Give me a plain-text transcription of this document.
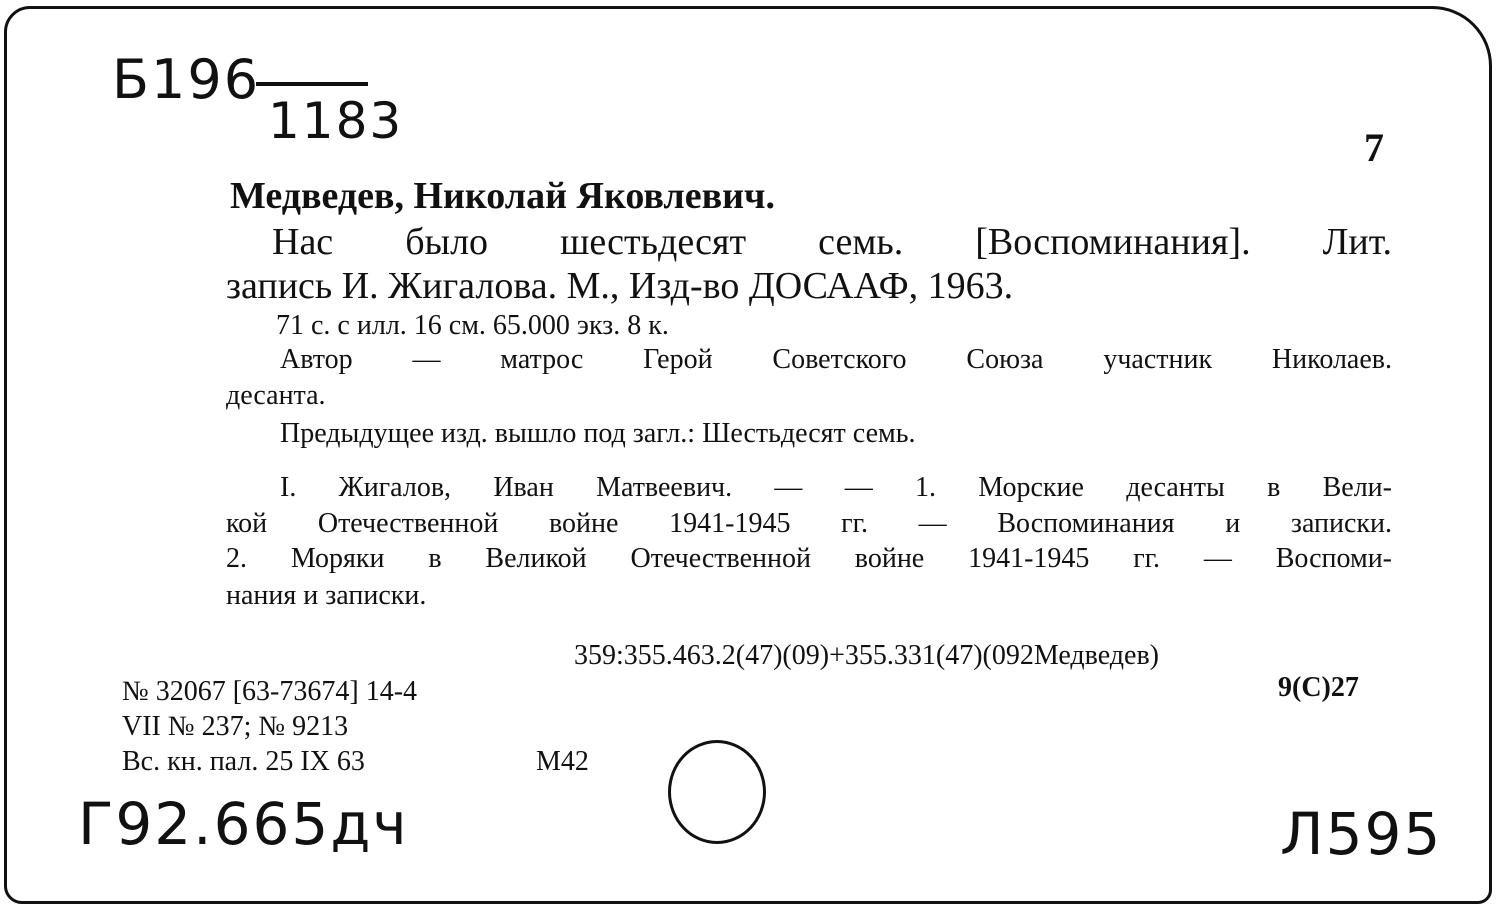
Б196
1183	7
Медведев, Николай Яковлевич.
Нас было шестьдесят семь. [Воспоминания]. Лит.
запись И. Жигалова. М., Изд-во ДОСААФ, 1963.
71 с. с илл. 16 см. 65.000 экз. 8 к.
Автор — матрос Герой Советского Союза участник Николаев.
десанта.
Предыдущее изд. вышло под загл.: Шестьдесят семь.
I. Жигалов, Иван Матвеевич. — — 1. Морские десанты в Вели-
кой Отечественной войне 1941-1945 гг. — Воспоминания и записки.
2. Моряки в Великой Отечественной войне 1941-1945 гг. — Воспоми-
нания и записки.
359:355.463.2(47)(09)+355.331(47)(092Медведев)
9(С)27
№ 32067 [63-73674] 14-4
VII № 237; № 9213
Вс. кн. пал. 25 IX 63	М42
Г92.665дч	Л595
